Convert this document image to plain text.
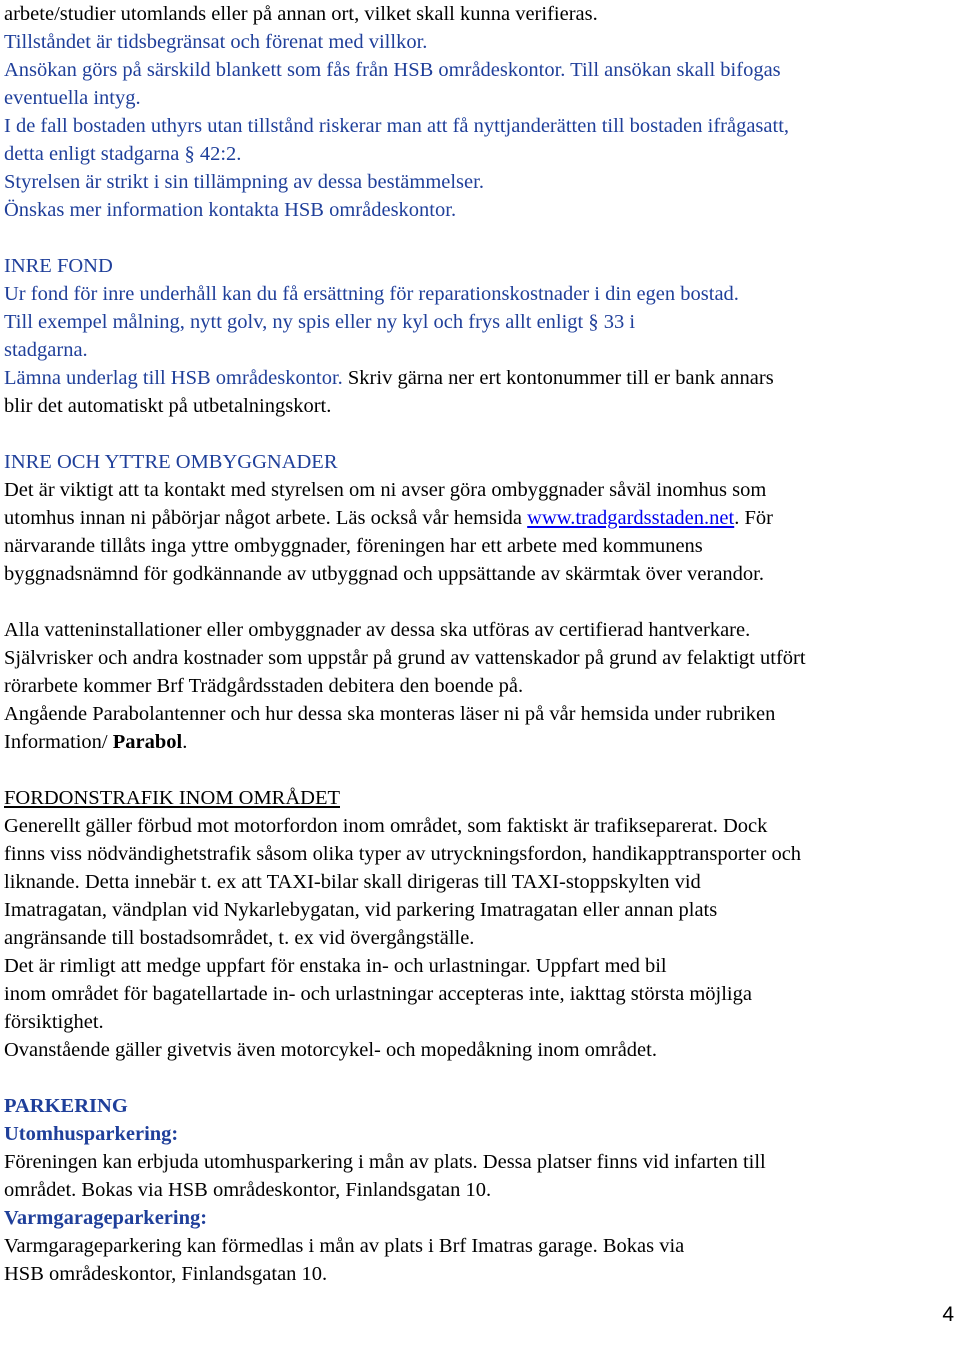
arbete/studier utomlands eller på annan ort, vilket skall kunna verifieras.
Tillståndet är tidsbegränsat och förenat med villkor.
Ansökan görs på särskild blankett som fås från HSB områdeskontor. Till ansökan skall bifogas
eventuella intyg.
I de fall bostaden uthyrs utan tillstånd riskerar man att få nyttjanderätten till bostaden ifrågasatt,
detta enligt stadgarna § 42:2.
Styrelsen är strikt i sin tillämpning av dessa bestämmelser.
Önskas mer information kontakta HSB områdeskontor.
INRE FOND
Ur fond för inre underhåll kan du få ersättning för reparationskostnader i din egen bostad.
Till exempel målning, nytt golv, ny spis eller ny kyl och frys allt enligt § 33 i
stadgarna.
Lämna underlag till HSB områdeskontor. Skriv gärna ner ert kontonummer till er bank annars
blir det automatiskt på utbetalningskort.
INRE OCH YTTRE OMBYGGNADER
Det är viktigt att ta kontakt med styrelsen om ni avser göra ombyggnader såväl inomhus som
utomhus innan ni påbörjar något arbete. Läs också vår hemsida www.tradgardsstaden.net. För
närvarande tillåts inga yttre ombyggnader, föreningen har ett arbete med kommunens
byggnadsnämnd för godkännande av utbyggnad och uppsättande av skärmtak över verandor.
Alla vatteninstallationer eller ombyggnader av dessa ska utföras av certifierad hantverkare.
Självrisker och andra kostnader som uppstår på grund av vattenskador på grund av felaktigt utfört
rörarbete kommer Brf Trädgårdsstaden debitera den boende på.
Angående Parabolantenner och hur dessa ska monteras läser ni på vår hemsida under rubriken
Information/ Parabol.
FORDONSTRAFIK INOM OMRÅDET
Generellt gäller förbud mot motorfordon inom området, som faktiskt är trafikseparerat. Dock
finns viss nödvändighetstrafik såsom olika typer av utryckningsfordon, handikapptransporter och
liknande. Detta innebär t. ex att TAXI-bilar skall dirigeras till TAXI-stoppskylten vid
Imatragatan, vändplan vid Nykarlebygatan, vid parkering Imatragatan eller annan plats
angränsande till bostadsområdet, t. ex vid övergångställe.
Det är rimligt att medge uppfart för enstaka in- och urlastningar. Uppfart med bil
inom området för bagatellartade in- och urlastningar accepteras inte, iakttag största möjliga
försiktighet.
Ovanstående gäller givetvis även motorcykel- och mopedåkning inom området.
PARKERING
Utomhusparkering:
Föreningen kan erbjuda utomhusparkering i mån av plats. Dessa platser finns vid infarten till
området. Bokas via HSB områdeskontor, Finlandsgatan 10.
Varmgarageparkering:
Varmgarageparkering kan förmedlas i mån av plats i Brf Imatras garage. Bokas via
HSB områdeskontor, Finlandsgatan 10.
4
